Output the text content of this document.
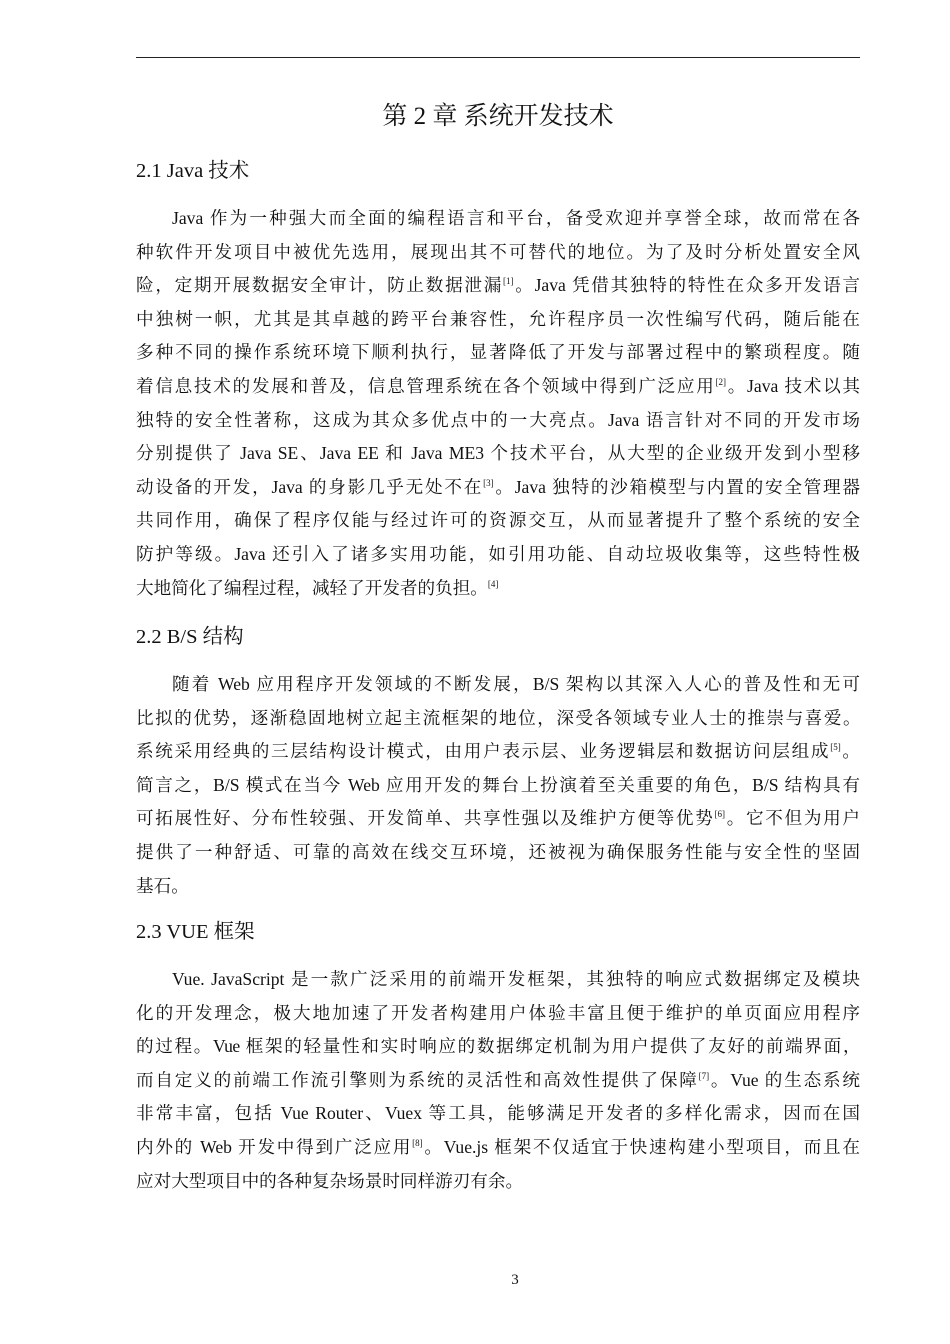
第 2 章 系统开发技术
2.1 Java 技术
Java 作为一种强大而全面的编程语言和平台，备受欢迎并享誉全球，故而常在各
种软件开发项目中被优先选用，展现出其不可替代的地位。为了及时分析处置安全风
险，定期开展数据安全审计，防止数据泄漏[1]。Java 凭借其独特的特性在众多开发语言
中独树一帜，尤其是其卓越的跨平台兼容性，允许程序员一次性编写代码，随后能在
多种不同的操作系统环境下顺利执行，显著降低了开发与部署过程中的繁琐程度。随
着信息技术的发展和普及，信息管理系统在各个领域中得到广泛应用[2]。Java 技术以其
独特的安全性著称，这成为其众多优点中的一大亮点。Java 语言针对不同的开发市场
分别提供了 Java SE、Java EE 和 Java ME3 个技术平台，从大型的企业级开发到小型移
动设备的开发，Java 的身影几乎无处不在[3]。Java 独特的沙箱模型与内置的安全管理器
共同作用，确保了程序仅能与经过许可的资源交互，从而显著提升了整个系统的安全
防护等级。Java 还引入了诸多实用功能，如引用功能、自动垃圾收集等，这些特性极
大地简化了编程过程，减轻了开发者的负担。[4]
2.2 B/S 结构
随着 Web 应用程序开发领域的不断发展，B/S 架构以其深入人心的普及性和无可
比拟的优势，逐渐稳固地树立起主流框架的地位，深受各领域专业人士的推崇与喜爱。
系统采用经典的三层结构设计模式，由用户表示层、业务逻辑层和数据访问层组成[5]。
简言之，B/S 模式在当今 Web 应用开发的舞台上扮演着至关重要的角色，B/S 结构具有
可拓展性好、分布性较强、开发简单、共享性强以及维护方便等优势[6]。它不但为用户
提供了一种舒适、可靠的高效在线交互环境，还被视为确保服务性能与安全性的坚固
基石。
2.3 VUE 框架
Vue. JavaScript 是一款广泛采用的前端开发框架，其独特的响应式数据绑定及模块
化的开发理念，极大地加速了开发者构建用户体验丰富且便于维护的单页面应用程序
的过程。Vue 框架的轻量性和实时响应的数据绑定机制为用户提供了友好的前端界面，
而自定义的前端工作流引擎则为系统的灵活性和高效性提供了保障[7]。Vue 的生态系统
非常丰富，包括 Vue Router、Vuex 等工具，能够满足开发者的多样化需求，因而在国
内外的 Web 开发中得到广泛应用[8]。Vue.js 框架不仅适宜于快速构建小型项目，而且在
应对大型项目中的各种复杂场景时同样游刃有余。
3
